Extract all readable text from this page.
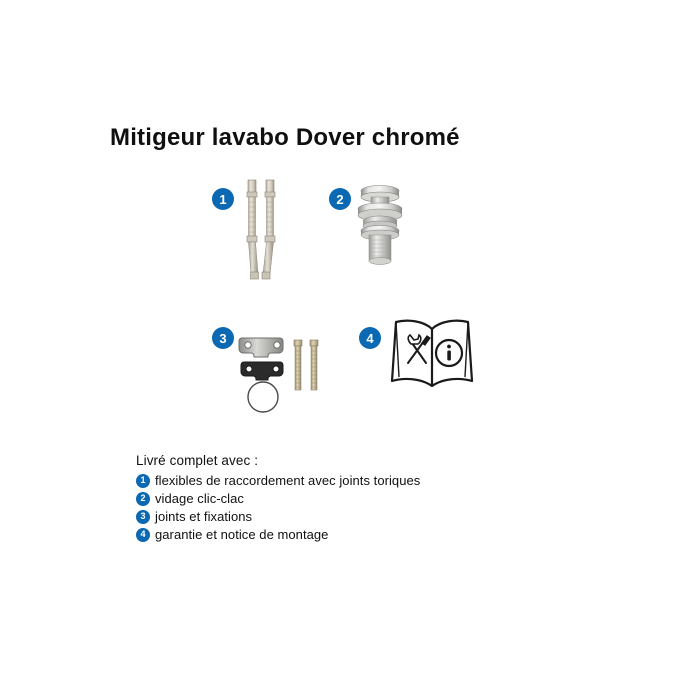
Mitigeur lavabo Dover chromé
1	2
3	4
Livré complet avec :
1 flexibles de raccordement avec joints toriques
2 vidage clic-clac
3 joints et fixations
4 garantie et notice de montage
